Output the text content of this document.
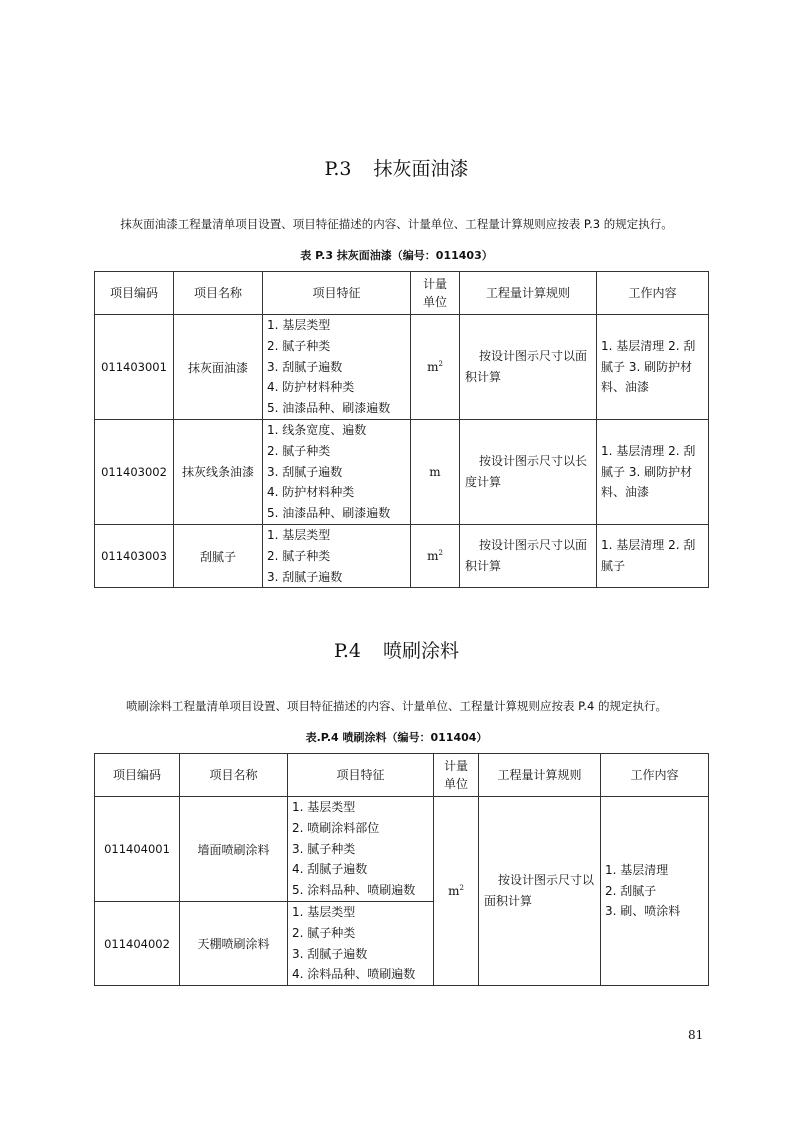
P.3 抹灰面油漆
抹灰面油漆工程量清单项目设置、项目特征描述的内容、计量单位、工程量计算规则应按表 P.3 的规定执行。
表 P.3 抹灰面油漆（编号：011403）
项目编码	项目名称	项目特征	计量单位	工程量计算规则	工作内容
011403001	抹灰面油漆	1. 基层类型
2. 腻子种类
3. 刮腻子遍数
4. 防护材料种类
5. 油漆品种、刷漆遍数	$m^2$	按设计图示尺寸以面积计算	1. 基层清理 2. 刮腻子 3. 刷防护材料、油漆
011403002	抹灰线条油漆	1. 线条宽度、遍数
2. 腻子种类
3. 刮腻子遍数
4. 防护材料种类
5. 油漆品种、刷漆遍数	m	按设计图示尺寸以长度计算	1. 基层清理 2. 刮腻子 3. 刷防护材料、油漆
011403003	刮腻子	1. 基层类型
2. 腻子种类
3. 刮腻子遍数	$m^2$	按设计图示尺寸以面积计算	1. 基层清理 2. 刮腻子
P.4 喷刷涂料
喷刷涂料工程量清单项目设置、项目特征描述的内容、计量单位、工程量计算规则应按表 P.4 的规定执行。
表.P.4 喷刷涂料（编号：011404）
项目编码	项目名称	项目特征	计量单位	工程量计算规则	工作内容
011404001	墙面喷刷涂料	1. 基层类型
2. 喷刷涂料部位
3. 腻子种类
4. 刮腻子遍数
5. 涂料品种、喷刷遍数	$m^2$	按设计图示尺寸以面积计算	1. 基层清理
2. 刮腻子
3. 刷、喷涂料

011404002	天棚喷刷涂料	1. 基层类型
2. 腻子种类
3. 刮腻子遍数
4. 涂料品种、喷刷遍数			
81
